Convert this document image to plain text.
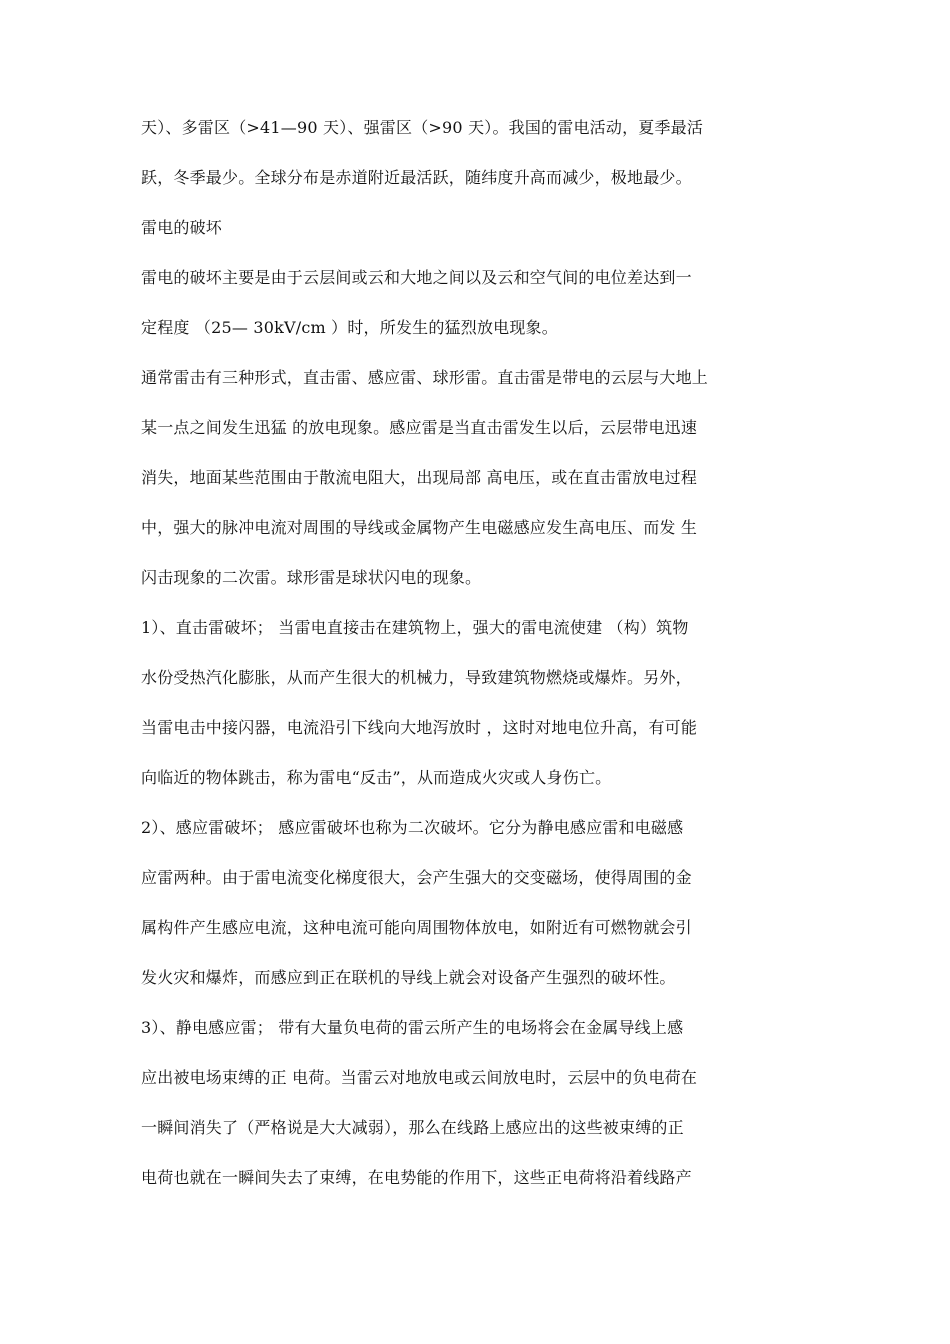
天）、多雷区（>41—90 天）、强雷区（>90 天）。我国的雷电活动，夏季最活
跃，冬季最少。全球分布是赤道附近最活跃，随纬度升高而减少，极地最少。
雷电的破坏
雷电的破坏主要是由于云层间或云和大地之间以及云和空气间的电位差达到一
定程度 （25— 30kV/cm ）时，所发生的猛烈放电现象。
通常雷击有三种形式，直击雷、感应雷、球形雷。直击雷是带电的云层与大地上
某一点之间发生迅猛 的放电现象。感应雷是当直击雷发生以后，云层带电迅速
消失，地面某些范围由于散流电阻大，出现局部 高电压，或在直击雷放电过程
中，强大的脉冲电流对周围的导线或金属物产生电磁感应发生高电压、而发 生
闪击现象的二次雷。球形雷是球状闪电的现象。
1）、直击雷破坏； 当雷电直接击在建筑物上，强大的雷电流使建 （构）筑物
水份受热汽化膨胀，从而产生很大的机械力，导致建筑物燃烧或爆炸。另外，
当雷电击中接闪器，电流沿引下线向大地泻放时 ，这时对地电位升高，有可能
向临近的物体跳击，称为雷电“反击”，从而造成火灾或人身伤亡。
2）、感应雷破坏； 感应雷破坏也称为二次破坏。它分为静电感应雷和电磁感
应雷两种。由于雷电流变化梯度很大，会产生强大的交变磁场，使得周围的金
属构件产生感应电流，这种电流可能向周围物体放电，如附近有可燃物就会引
发火灾和爆炸，而感应到正在联机的导线上就会对设备产生强烈的破坏性。
3）、静电感应雷； 带有大量负电荷的雷云所产生的电场将会在金属导线上感
应出被电场束缚的正 电荷。当雷云对地放电或云间放电时，云层中的负电荷在
一瞬间消失了（严格说是大大减弱），那么在线路上感应出的这些被束缚的正
电荷也就在一瞬间失去了束缚，在电势能的作用下，这些正电荷将沿着线路产
